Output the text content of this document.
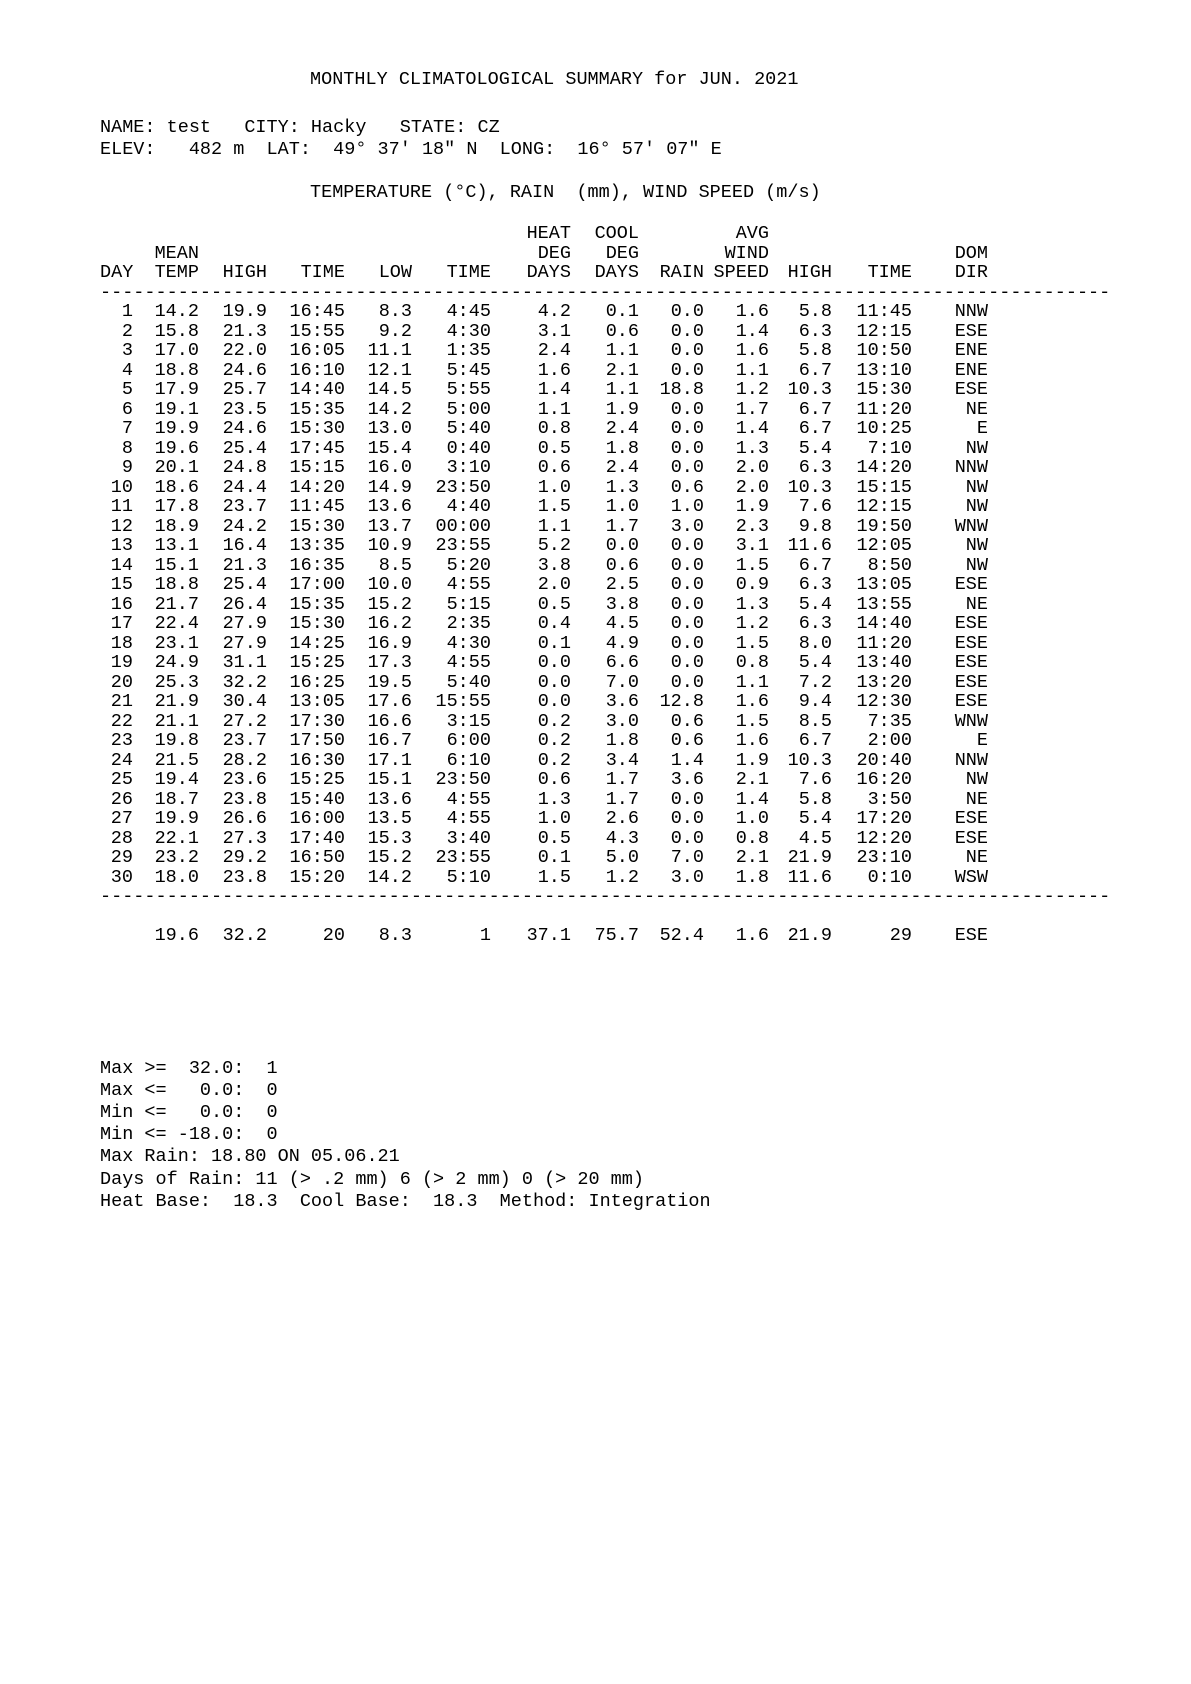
MONTHLY CLIMATOLOGICAL SUMMARY for JUN. 2021
NAME: test   CITY: Hacky   STATE: CZ
ELEV:   482 m  LAT:  49° 37' 18" N  LONG:  16° 57' 07" E
TEMPERATURE (°C), RAIN  (mm), WIND SPEED (m/s)
						HEAT	COOL		AVG			
	MEAN					DEG	DEG		WIND			DOM
DAY	TEMP	HIGH	TIME	LOW	TIME	DAYS	DAYS	RAIN	SPEED	HIGH	TIME	DIR
-------------------------------------------------------------------------------------------
1	14.2	19.9	16:45	8.3	4:45	4.2	0.1	0.0	1.6	5.8	11:45	NNW
2	15.8	21.3	15:55	9.2	4:30	3.1	0.6	0.0	1.4	6.3	12:15	ESE
3	17.0	22.0	16:05	11.1	1:35	2.4	1.1	0.0	1.6	5.8	10:50	ENE
4	18.8	24.6	16:10	12.1	5:45	1.6	2.1	0.0	1.1	6.7	13:10	ENE
5	17.9	25.7	14:40	14.5	5:55	1.4	1.1	18.8	1.2	10.3	15:30	ESE
6	19.1	23.5	15:35	14.2	5:00	1.1	1.9	0.0	1.7	6.7	11:20	NE
7	19.9	24.6	15:30	13.0	5:40	0.8	2.4	0.0	1.4	6.7	10:25	E
8	19.6	25.4	17:45	15.4	0:40	0.5	1.8	0.0	1.3	5.4	7:10	NW
9	20.1	24.8	15:15	16.0	3:10	0.6	2.4	0.0	2.0	6.3	14:20	NNW
10	18.6	24.4	14:20	14.9	23:50	1.0	1.3	0.6	2.0	10.3	15:15	NW
11	17.8	23.7	11:45	13.6	4:40	1.5	1.0	1.0	1.9	7.6	12:15	NW
12	18.9	24.2	15:30	13.7	00:00	1.1	1.7	3.0	2.3	9.8	19:50	WNW
13	13.1	16.4	13:35	10.9	23:55	5.2	0.0	0.0	3.1	11.6	12:05	NW
14	15.1	21.3	16:35	8.5	5:20	3.8	0.6	0.0	1.5	6.7	8:50	NW
15	18.8	25.4	17:00	10.0	4:55	2.0	2.5	0.0	0.9	6.3	13:05	ESE
16	21.7	26.4	15:35	15.2	5:15	0.5	3.8	0.0	1.3	5.4	13:55	NE
17	22.4	27.9	15:30	16.2	2:35	0.4	4.5	0.0	1.2	6.3	14:40	ESE
18	23.1	27.9	14:25	16.9	4:30	0.1	4.9	0.0	1.5	8.0	11:20	ESE
19	24.9	31.1	15:25	17.3	4:55	0.0	6.6	0.0	0.8	5.4	13:40	ESE
20	25.3	32.2	16:25	19.5	5:40	0.0	7.0	0.0	1.1	7.2	13:20	ESE
21	21.9	30.4	13:05	17.6	15:55	0.0	3.6	12.8	1.6	9.4	12:30	ESE
22	21.1	27.2	17:30	16.6	3:15	0.2	3.0	0.6	1.5	8.5	7:35	WNW
23	19.8	23.7	17:50	16.7	6:00	0.2	1.8	0.6	1.6	6.7	2:00	E
24	21.5	28.2	16:30	17.1	6:10	0.2	3.4	1.4	1.9	10.3	20:40	NNW
25	19.4	23.6	15:25	15.1	23:50	0.6	1.7	3.6	2.1	7.6	16:20	NW
26	18.7	23.8	15:40	13.6	4:55	1.3	1.7	0.0	1.4	5.8	3:50	NE
27	19.9	26.6	16:00	13.5	4:55	1.0	2.6	0.0	1.0	5.4	17:20	ESE
28	22.1	27.3	17:40	15.3	3:40	0.5	4.3	0.0	0.8	4.5	12:20	ESE
29	23.2	29.2	16:50	15.2	23:55	0.1	5.0	7.0	2.1	21.9	23:10	NE
30	18.0	23.8	15:20	14.2	5:10	1.5	1.2	3.0	1.8	11.6	0:10	WSW
-------------------------------------------------------------------------------------------
	19.6	32.2	20	8.3	1	37.1	75.7	52.4	1.6	21.9	29	ESE
Max >=  32.0:  1
Max <=   0.0:  0
Min <=   0.0:  0
Min <= -18.0:  0
Max Rain: 18.80 ON 05.06.21
Days of Rain: 11 (> .2 mm) 6 (> 2 mm) 0 (> 20 mm)
Heat Base:  18.3  Cool Base:  18.3  Method: Integration
